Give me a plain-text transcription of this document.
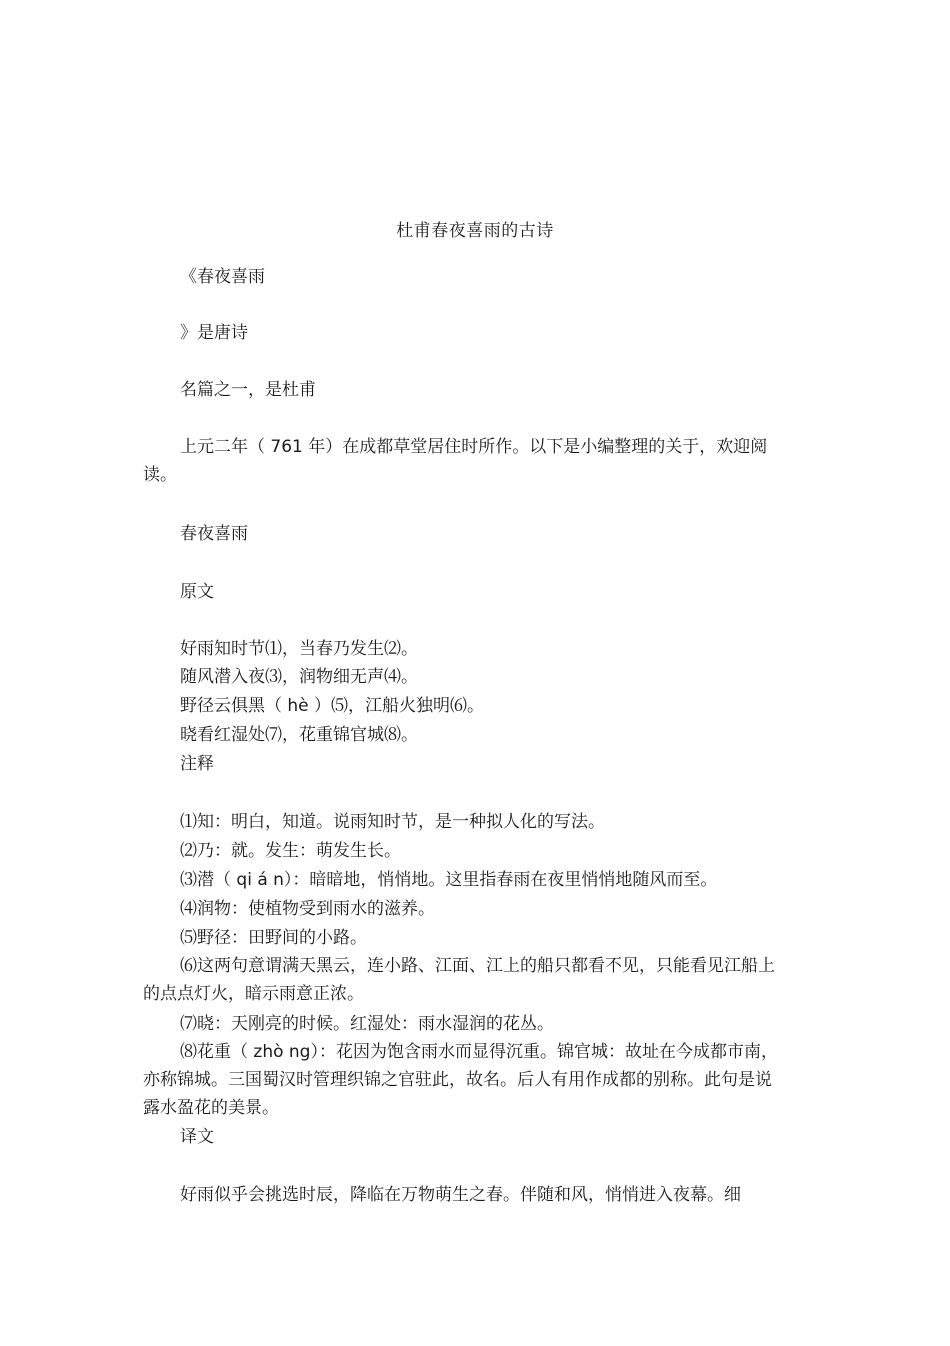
杜甫春夜喜雨的古诗
《春夜喜雨
》是唐诗
名篇之一，是杜甫
上元二年（ 761 年）在成都草堂居住时所作。以下是小编整理的关于，欢迎阅读。
春夜喜雨
原文
好雨知时节⑴，当春乃发生⑵。
随风潜入夜⑶，润物细无声⑷。
野径云俱黑（ hè ）⑸，江船火独明⑹。
晓看红湿处⑺，花重锦官城⑻。
注释
⑴知：明白，知道。说雨知时节，是一种拟人化的写法。
⑵乃：就。发生：萌发生长。
⑶潜（ qi á n）：暗暗地，悄悄地。这里指春雨在夜里悄悄地随风而至。
⑷润物：使植物受到雨水的滋养。
⑸野径：田野间的小路。
⑹这两句意谓满天黑云，连小路、江面、江上的船只都看不见，只能看见江船上的点点灯火，暗示雨意正浓。
⑺晓：天刚亮的时候。红湿处：雨水湿润的花丛。
⑻花重（ zhò ng）：花因为饱含雨水而显得沉重。锦官城：故址在今成都市南，亦称锦城。三国蜀汉时管理织锦之官驻此，故名。后人有用作成都的别称。此句是说露水盈花的美景。
译文
好雨似乎会挑选时辰，降临在万物萌生之春。伴随和风，悄悄进入夜幕。细
